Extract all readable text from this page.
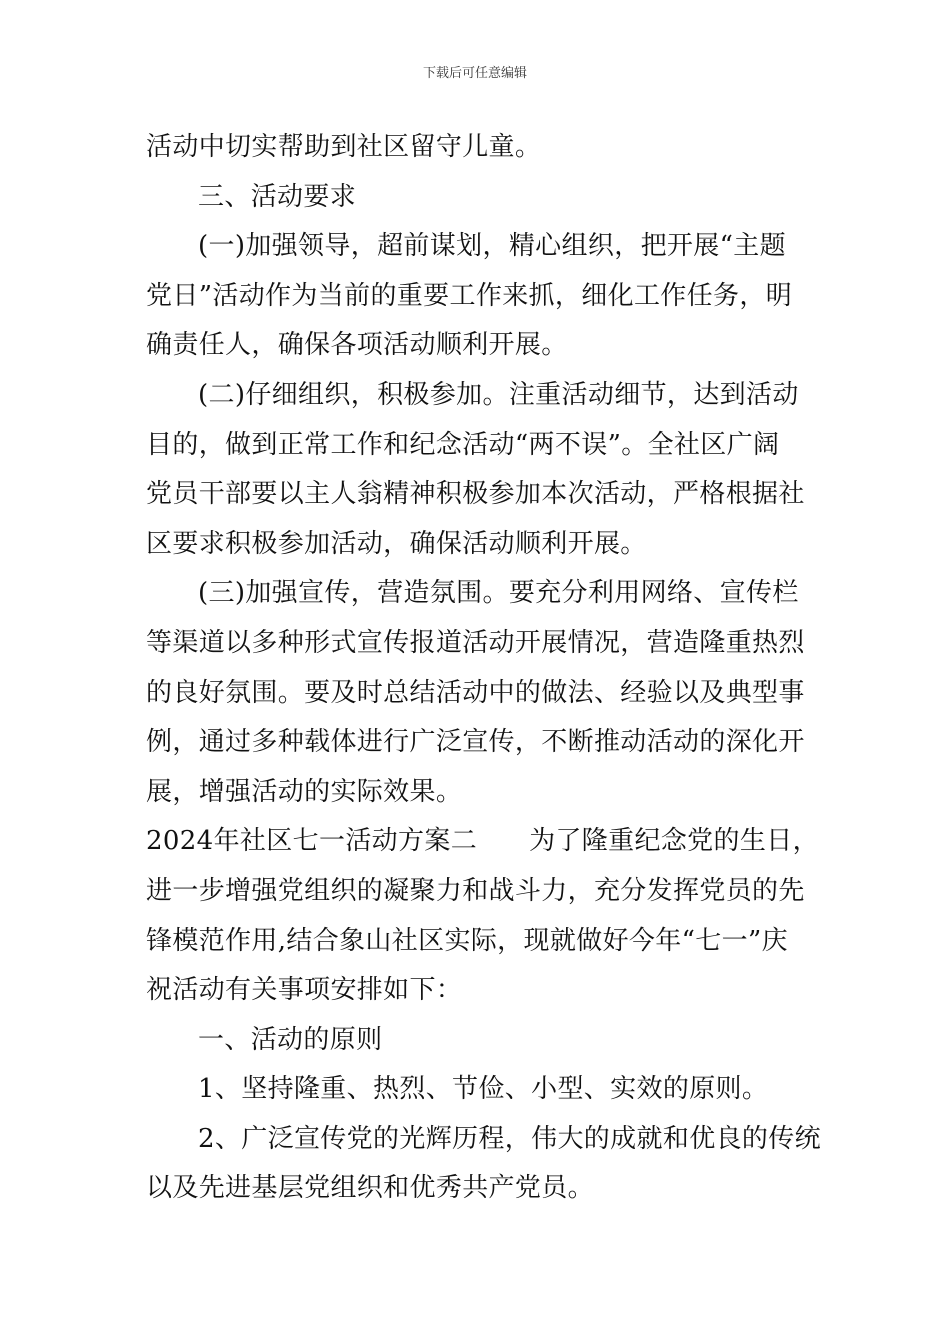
下载后可任意编辑

活动中切实帮助到社区留守儿童。

三、活动要求

(一)加强领导，超前谋划，精心组织，把开展“主题

党日”活动作为当前的重要工作来抓，细化工作任务，明

确责任人，确保各项活动顺利开展。

(二)仔细组织，积极参加。注重活动细节，达到活动

目的，做到正常工作和纪念活动“两不误”。全社区广阔

党员干部要以主人翁精神积极参加本次活动，严格根据社

区要求积极参加活动，确保活动顺利开展。

(三)加强宣传，营造氛围。要充分利用网络、宣传栏

等渠道以多种形式宣传报道活动开展情况，营造隆重热烈

的良好氛围。要及时总结活动中的做法、经验以及典型事

例，通过多种载体进行广泛宣传，不断推动活动的深化开

展，增强活动的实际效果。

2024年社区七一活动方案二 为了隆重纪念党的生日，

进一步增强党组织的凝聚力和战斗力，充分发挥党员的先

锋模范作用,结合象山社区实际，现就做好今年“七一”庆

祝活动有关事项安排如下：

一、活动的原则

1、坚持隆重、热烈、节俭、小型、实效的原则。

2、广泛宣传党的光辉历程，伟大的成就和优良的传统

以及先进基层党组织和优秀共产党员。
